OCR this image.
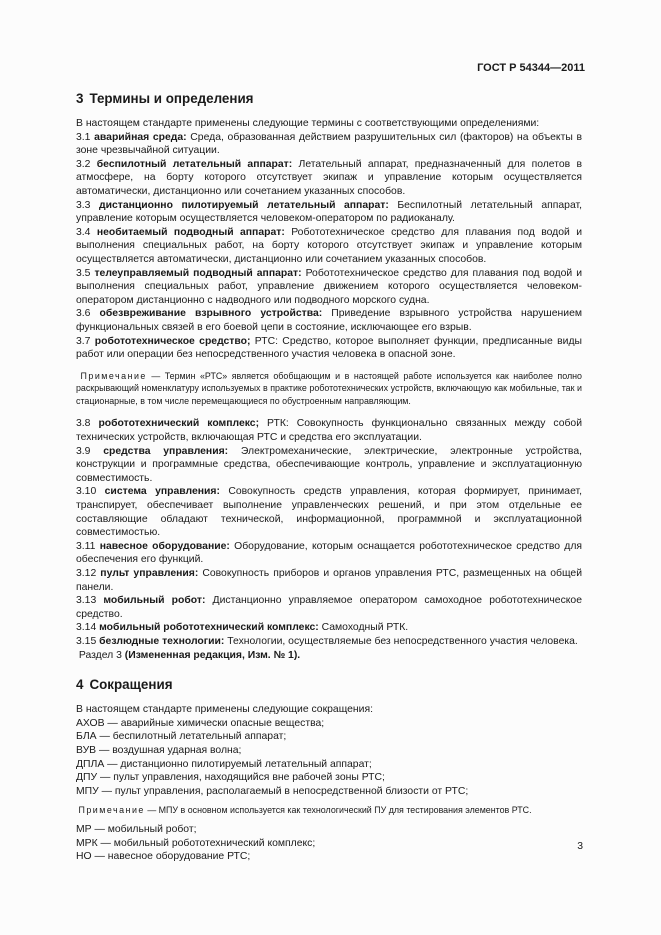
ГОСТ Р 54344—2011
3 Термины и определения

В настоящем стандарте применены следующие термины с соответствующими определениями:

3.1 аварийная среда: Среда, образованная действием разрушительных сил (факторов) на объекты в зоне чрезвычайной ситуации.

3.2 беспилотный летательный аппарат: Летательный аппарат, предназначенный для полетов в атмосфере, на борту которого отсутствует экипаж и управление которым осуществляется автоматически, дистанционно или сочетанием указанных способов.

3.3 дистанционно пилотируемый летательный аппарат: Беспилотный летательный аппарат, управление которым осуществляется человеком-оператором по радиоканалу.

3.4 необитаемый подводный аппарат: Робототехническое средство для плавания под водой и выполнения специальных работ, на борту которого отсутствует экипаж и управление которым осуществляется автоматически, дистанционно или сочетанием указанных способов.

3.5 телеуправляемый подводный аппарат: Робототехническое средство для плавания под водой и выполнения специальных работ, управление движением которого осуществляется человеком-оператором дистанционно с надводного или подводного морского судна.

3.6 обезвреживание взрывного устройства: Приведение взрывного устройства нарушением функциональных связей в его боевой цепи в состояние, исключающее его взрыв.

3.7 робототехническое средство; РТС: Средство, которое выполняет функции, предписанные виды работ или операции без непосредственного участия человека в опасной зоне.

Примечание — Термин «РТС» является обобщающим и в настоящей работе используется как наиболее полно раскрывающий номенклатуру используемых в практике робототехнических устройств, включающую как мобильные, так и стационарные, в том числе перемещающиеся по обустроенным направляющим.

3.8 робототехнический комплекс; РТК: Совокупность функционально связанных между собой технических устройств, включающая РТС и средства его эксплуатации.

3.9 средства управления: Электромеханические, электрические, электронные устройства, конструкции и программные средства, обеспечивающие контроль, управление и эксплуатационную совместимость.

3.10 система управления: Совокупность средств управления, которая формирует, принимает, транспирует, обеспечивает выполнение управленческих решений, и при этом отдельные ее составляющие обладают технической, информационной, программной и эксплуатационной совместимостью.

3.11 навесное оборудование: Оборудование, которым оснащается робототехническое средство для обеспечения его функций.

3.12 пульт управления: Совокупность приборов и органов управления РТС, размещенных на общей панели.

3.13 мобильный робот: Дистанционно управляемое оператором самоходное робототехническое средство.

3.14 мобильный робототехнический комплекс: Самоходный РТК.

3.15 безлюдные технологии: Технологии, осуществляемые без непосредственного участия человека.

Раздел 3 (Измененная редакция, Изм. № 1).

4 Сокращения

В настоящем стандарте применены следующие сокращения:

АХОВ — аварийные химически опасные вещества;

БЛА — беспилотный летательный аппарат;

ВУВ — воздушная ударная волна;

ДПЛА — дистанционно пилотируемый летательный аппарат;

ДПУ — пульт управления, находящийся вне рабочей зоны РТС;

МПУ — пульт управления, располагаемый в непосредственной близости от РТС;

Примечание — МПУ в основном используется как технологический ПУ для тестирования элементов РТС.

МР — мобильный робот;

МРК — мобильный робототехнический комплекс;

НО — навесное оборудование РТС;

3
